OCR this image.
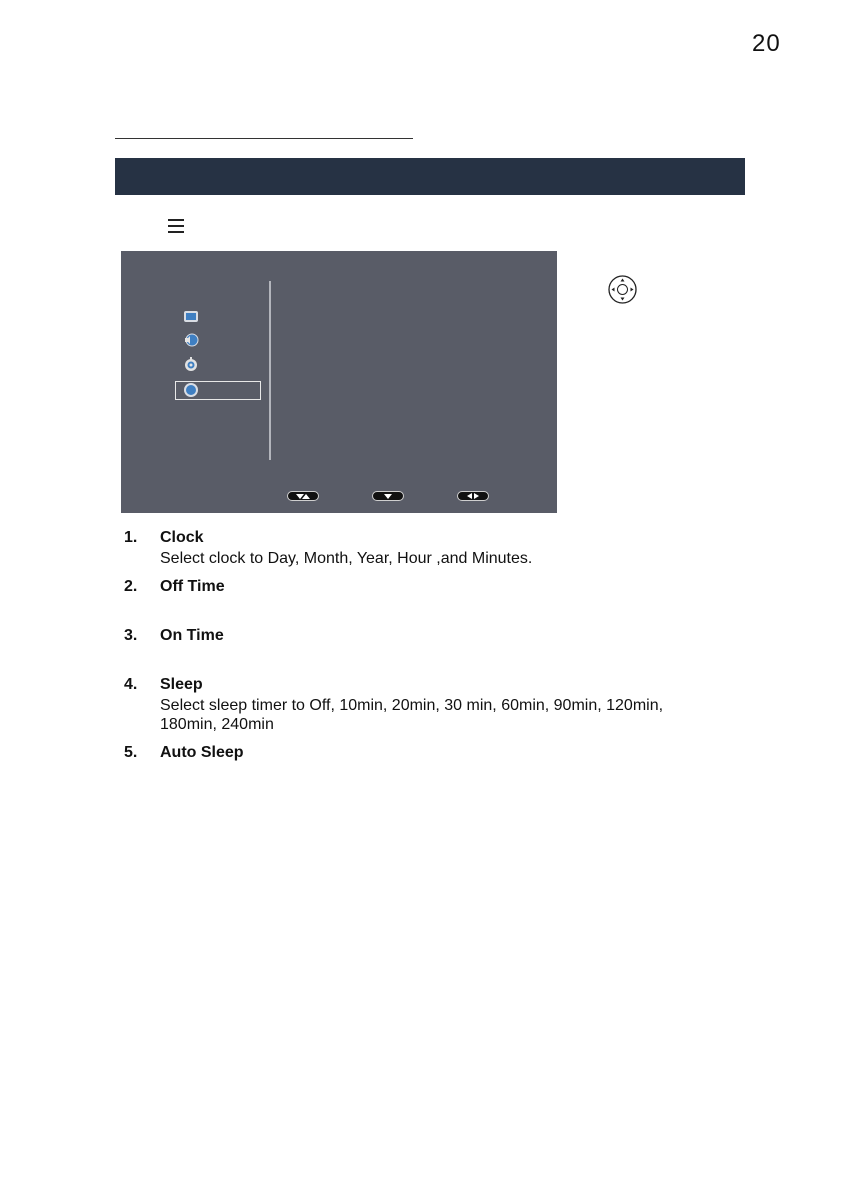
20
1. Clock
Select clock to Day, Month, Year, Hour ,and Minutes.
2. Off Time
3. On Time
4. Sleep
Select sleep timer to Off, 10min, 20min, 30 min, 60min, 90min, 120min, 180min, 240min
5. Auto Sleep
